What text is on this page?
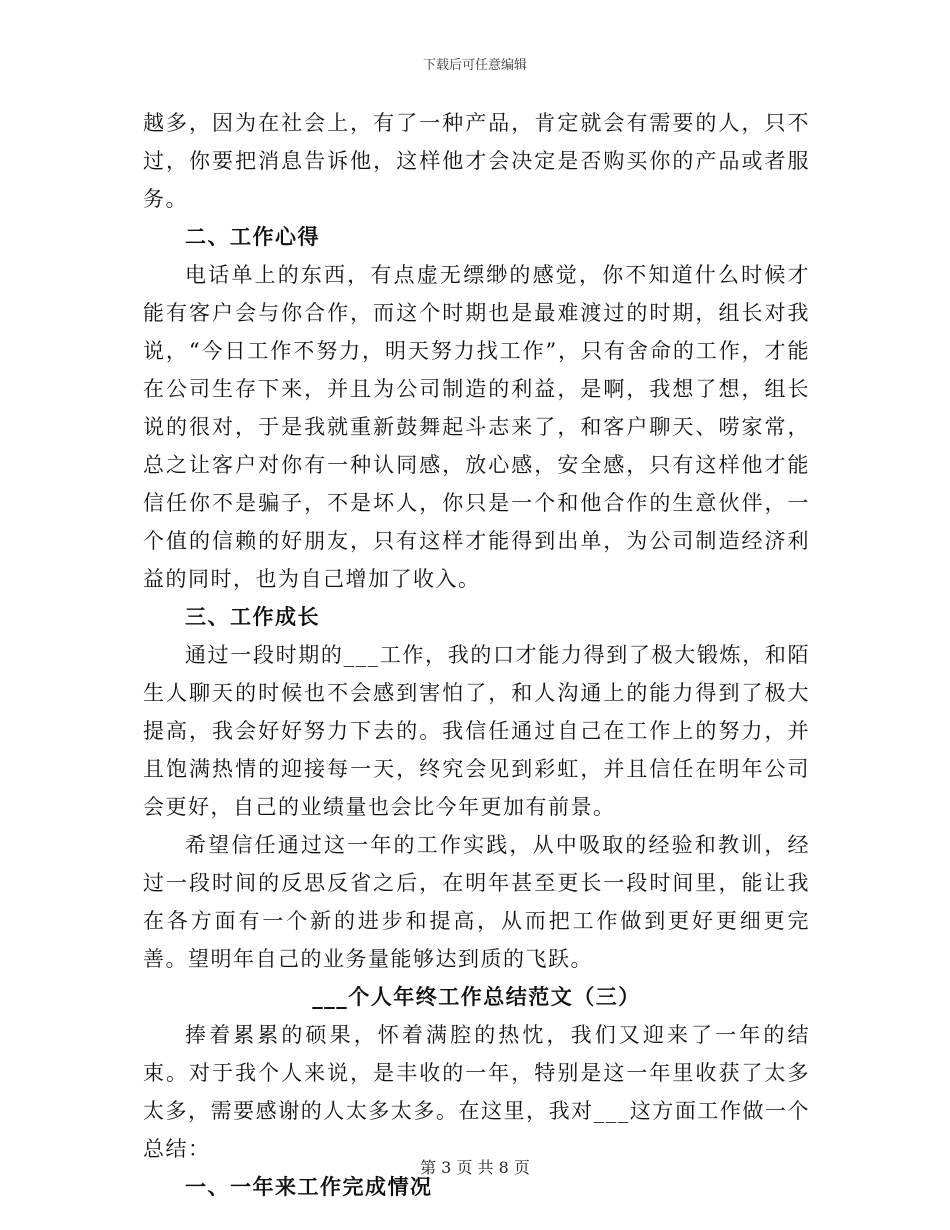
下载后可任意编辑

越多，因为在社会上，有了一种产品，肯定就会有需要的人，只不过，你要把消息告诉他，这样他才会决定是否购买你的产品或者服务。

二、工作心得

电话单上的东西，有点虚无缥缈的感觉，你不知道什么时候才能有客户会与你合作，而这个时期也是最难渡过的时期，组长对我说，“今日工作不努力，明天努力找工作”，只有舍命的工作，才能在公司生存下来，并且为公司制造的利益，是啊，我想了想，组长说的很对，于是我就重新鼓舞起斗志来了，和客户聊天、唠家常，总之让客户对你有一种认同感，放心感，安全感，只有这样他才能信任你不是骗子，不是坏人，你只是一个和他合作的生意伙伴，一个值的信赖的好朋友，只有这样才能得到出单，为公司制造经济利益的同时，也为自己增加了收入。

三、工作成长

通过一段时期的___工作，我的口才能力得到了极大锻炼，和陌生人聊天的时候也不会感到害怕了，和人沟通上的能力得到了极大提高，我会好好努力下去的。我信任通过自己在工作上的努力，并且饱满热情的迎接每一天，终究会见到彩虹，并且信任在明年公司会更好，自己的业绩量也会比今年更加有前景。

希望信任通过这一年的工作实践，从中吸取的经验和教训，经过一段时间的反思反省之后，在明年甚至更长一段时间里，能让我在各方面有一个新的进步和提高，从而把工作做到更好更细更完善。望明年自己的业务量能够达到质的飞跃。

___个人年终工作总结范文（三）

捧着累累的硕果，怀着满腔的热忱，我们又迎来了一年的结束。对于我个人来说，是丰收的一年，特别是这一年里收获了太多太多，需要感谢的人太多太多。在这里，我对___这方面工作做一个总结：

一、一年来工作完成情况
第 3 页 共 8 页
